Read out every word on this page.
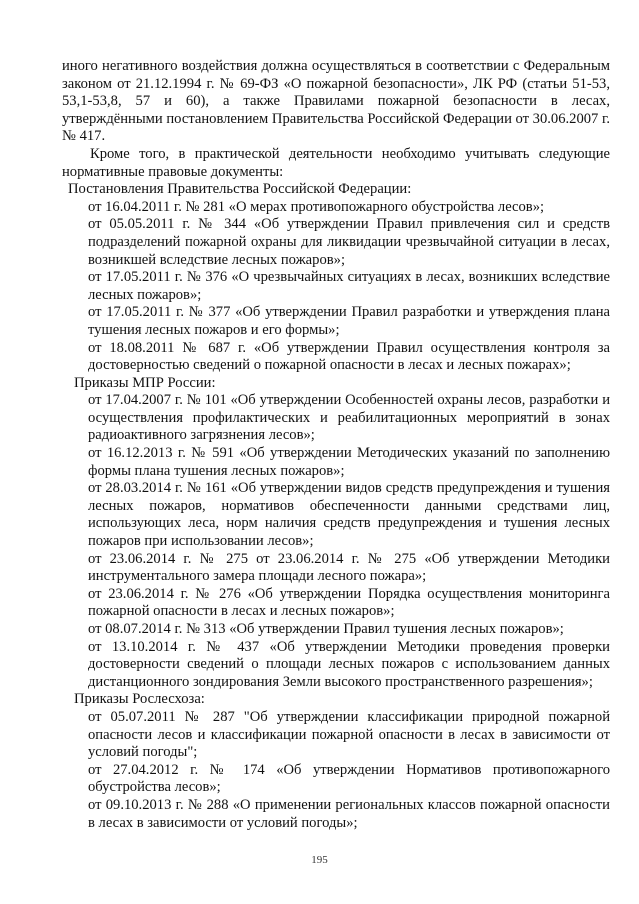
иного негативного воздействия должна осуществляться в соответствии с Федеральным законом от 21.12.1994 г. № 69-ФЗ «О пожарной безопасности», ЛК РФ (статьи 51-53, 53,1-53,8, 57 и 60), а также Правилами пожарной безопасности в лесах, утверждёнными постановлением Правительства Российской Федерации от 30.06.2007 г. № 417.

Кроме того, в практической деятельности необходимо учитывать следующие нормативные правовые документы:

Постановления Правительства Российской Федерации:

от 16.04.2011 г. № 281 «О мерах противопожарного обустройства лесов»;

от 05.05.2011 г. № 344 «Об утверждении Правил привлечения сил и средств подразделений пожарной охраны для ликвидации чрезвычайной ситуации в лесах, возникшей вследствие лесных пожаров»;

от 17.05.2011 г. № 376 «О чрезвычайных ситуациях в лесах, возникших вследствие лесных пожаров»;

от 17.05.2011 г. № 377 «Об утверждении Правил разработки и утверждения плана тушения лесных пожаров и его формы»;

от 18.08.2011 № 687 г. «Об утверждении Правил осуществления контроля за достоверностью сведений о пожарной опасности в лесах и лесных пожарах»;

Приказы МПР России:

от 17.04.2007 г. № 101 «Об утверждении Особенностей охраны лесов, разработки и осуществления профилактических и реабилитационных мероприятий в зонах радиоактивного загрязнения лесов»;

от 16.12.2013 г. № 591 «Об утверждении Методических указаний по заполнению формы плана тушения лесных пожаров»;

от 28.03.2014 г. № 161 «Об утверждении видов средств предупреждения и тушения лесных пожаров, нормативов обеспеченности данными средствами лиц, использующих леса, норм наличия средств предупреждения и тушения лесных пожаров при использовании лесов»;

от 23.06.2014 г. № 275 от 23.06.2014 г. № 275 «Об утверждении Методики инструментального замера площади лесного пожара»;

от 23.06.2014 г. № 276 «Об утверждении Порядка осуществления мониторинга пожарной опасности в лесах и лесных пожаров»;

от 08.07.2014 г. № 313 «Об утверждении Правил тушения лесных пожаров»;

от 13.10.2014 г. № 437 «Об утверждении Методики проведения проверки достоверности сведений о площади лесных пожаров с использованием данных дистанционного зондирования Земли высокого пространственного разрешения»;

Приказы Рослесхоза:

от 05.07.2011 № 287 "Об утверждении классификации природной пожарной опасности лесов и классификации пожарной опасности в лесах в зависимости от условий погоды";

от 27.04.2012 г. № 174 «Об утверждении Нормативов противопожарного обустройства лесов»;

от 09.10.2013 г. № 288 «О применении региональных классов пожарной опасности в лесах в зависимости от условий погоды»;

195
